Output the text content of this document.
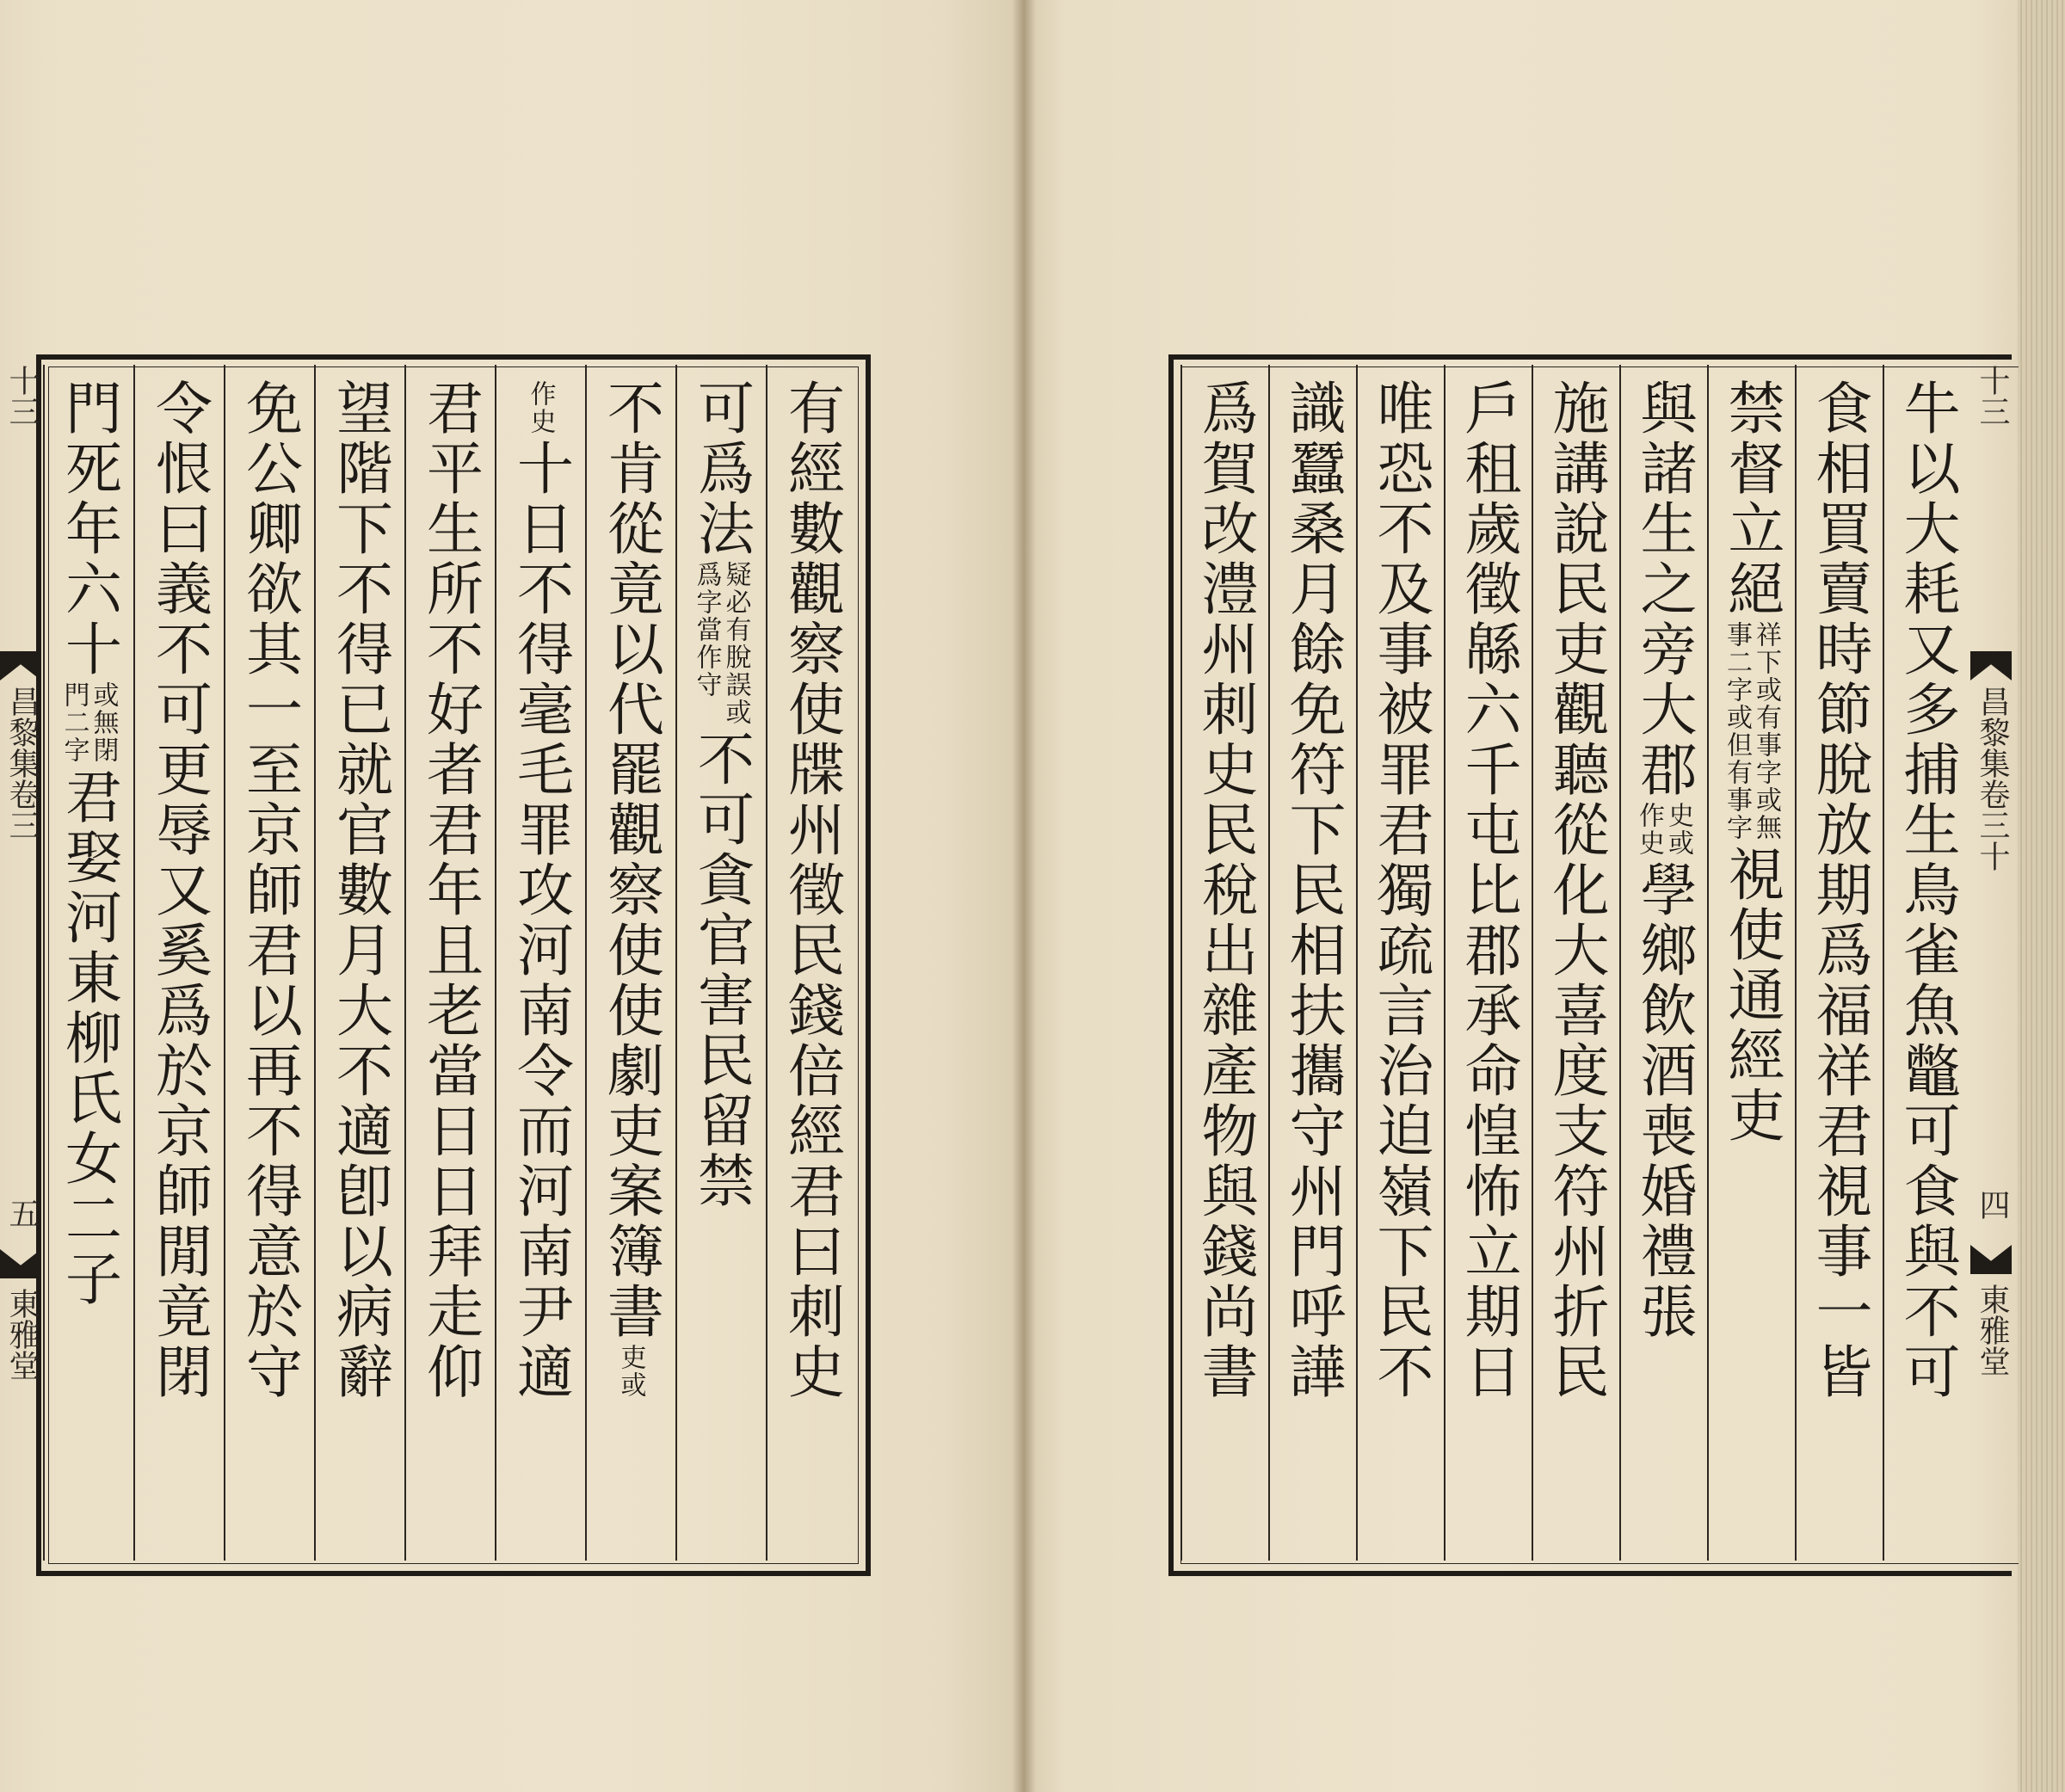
十三
昌黎集卷三
五
東雅堂
十三
昌黎集卷三十
四
東雅堂
有經數觀察使牒州徵民錢倍經君曰刺史
可爲法
疑必有脫誤或
爲字當作守
不可貪官害民留禁
不肯從竟以代罷觀察使使劇吏案簿書
吏或
作史
十日不得毫毛罪攻河南令而河南尹適
君平生所不好者君年且老當日日拜走仰
望階下不得已就官數月大不適卽以病辭
免公卿欲其一至京師君以再不得意於守
令恨曰義不可更辱又奚爲於京師閒竟閉
門死年六十
或無閉
門二字
君娶河東柳氏女二子	牛以大耗又多捕生鳥雀魚鼈可食與不可
食相買賣時節脫放期爲福祥君視事一皆
禁督立絕
祥下或有事字或無
事二字或但有事字
視使通經吏
與諸生之旁大郡
史或
作史
學鄉飲酒喪婚禮張
施講說民吏觀聽從化大喜度支符州折民
戶租歲徵緜六千屯比郡承命惶怖立期日
唯恐不及事被罪君獨疏言治迫嶺下民不
識蠶桑月餘免符下民相扶攜守州門呼譁
爲賀改澧州刺史民稅出雜產物與錢尚書
